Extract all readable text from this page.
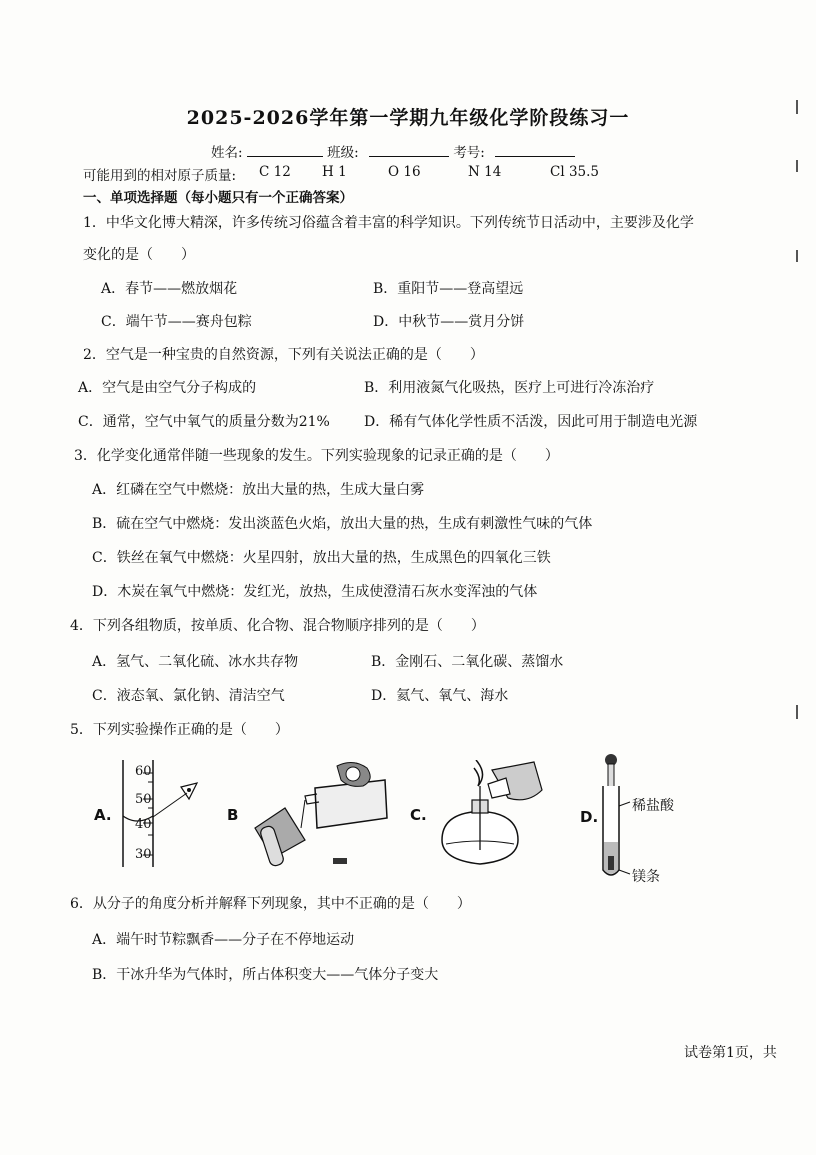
2025-2026学年第一学期九年级化学阶段练习一
姓名:	班级:	考号:
可能用到的相对原子质量: C 12 H 1	O 16	N 14	Cl 35.5
一、单项选择题（每小题只有一个正确答案）
1．中华文化博大精深，许多传统习俗蕴含着丰富的科学知识。下列传统节日活动中，主要涉及化学
变化的是（　　）
A．春节——燃放烟花	B．重阳节——登高望远
C．端午节——赛舟包粽	D．中秋节——赏月分饼
2．空气是一种宝贵的自然资源，下列有关说法正确的是（　　）
A．空气是由空气分子构成的	B．利用液氮气化吸热，医疗上可进行冷冻治疗
C．通常，空气中氧气的质量分数为21% D．稀有气体化学性质不活泼，因此可用于制造电光源
3．化学变化通常伴随一些现象的发生。下列实验现象的记录正确的是（　　）
A．红磷在空气中燃烧：放出大量的热，生成大量白雾
B．硫在空气中燃烧：发出淡蓝色火焰，放出大量的热，生成有刺激性气味的气体
C．铁丝在氧气中燃烧：火星四射，放出大量的热，生成黑色的四氧化三铁
D．木炭在氧气中燃烧：发红光，放热，生成使澄清石灰水变浑浊的气体
4．下列各组物质，按单质、化合物、混合物顺序排列的是（　　）
A．氢气、二氧化硫、冰水共存物	B．金刚石、二氧化碳、蒸馏水
C．液态氧、氯化钠、清洁空气	D．氦气、氧气、海水
5．下列实验操作正确的是（　　）
A.	B	C.	D.
60
50
40
30
稀盐酸
镁条
6．从分子的角度分析并解释下列现象，其中不正确的是（　　）
A．端午时节粽飘香——分子在不停地运动
B．干冰升华为气体时，所占体积变大——气体分子变大
试卷第1页，共
